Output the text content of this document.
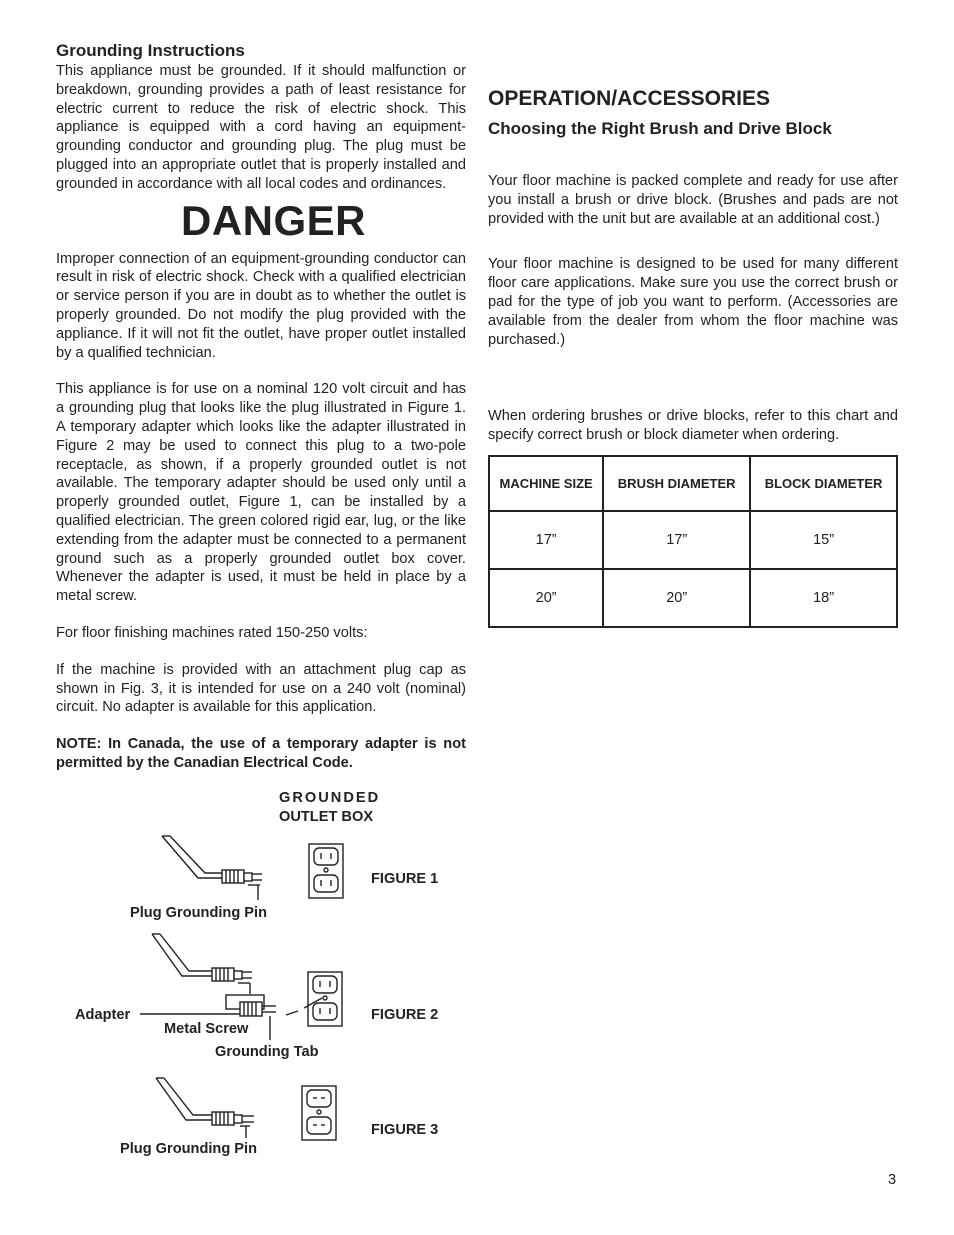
Grounding Instructions

This appliance must be grounded. If it should malfunction or breakdown, grounding provides a path of least resistance for electric current to reduce the risk of electric shock. This appliance is equipped with a cord having an equipment-grounding conductor and grounding plug. The plug must be plugged into an appropriate outlet that is properly installed and grounded in accordance with all local codes and ordinances.

DANGER

Improper connection of an equipment-grounding conductor can result in risk of electric shock. Check with a qualified electrician or service person if you are in doubt as to whether the outlet is properly grounded. Do not modify the plug provided with the appliance. If it will not fit the outlet, have proper outlet installed by a qualified technician.

This appliance is for use on a nominal 120 volt circuit and has a grounding plug that looks like the plug illustrated in Figure 1. A temporary adapter which looks like the adapter illustrated in Figure 2 may be used to connect this plug to a two-pole receptacle, as shown, if a properly grounded outlet is not available. The temporary adapter should be used only until a properly grounded outlet, Figure 1, can be installed by a qualified electrician. The green colored rigid ear, lug, or the like extending from the adapter must be connected to a permanent ground such as a properly grounded outlet box cover. Whenever the adapter is used, it must be held in place by a metal screw.

For floor finishing machines rated 150-250 volts:

If the machine is provided with an attachment plug cap as shown in Fig. 3, it is intended for use on a 240 volt (nominal) circuit. No adapter is available for this application.

NOTE: In Canada, the use of a temporary adapter is not permitted by the Canadian Electrical Code.

GROUNDED
OUTLET BOX
FIGURE 1
Plug Grounding Pin
Adapter	FIGURE 2
Metal Screw
Grounding Tab
FIGURE 3
Plug Grounding Pin
OPERATION/ACCESSORIES
Choosing the Right Brush and Drive Block

Your floor machine is packed complete and ready for use after you install a brush or drive block. (Brushes and pads are not provided with the unit but are available at an additional cost.)

Your floor machine is designed to be used for many different floor care applications. Make sure you use the correct brush or pad for the type of job you want to perform. (Accessories are available from the dealer from whom the floor machine was purchased.)

When ordering brushes or drive blocks, refer to this chart and specify correct brush or block diameter when ordering.

MACHINE SIZE	BRUSH DIAMETER	BLOCK DIAMETER
17”	17”	15”
20”	20”	18”
3
